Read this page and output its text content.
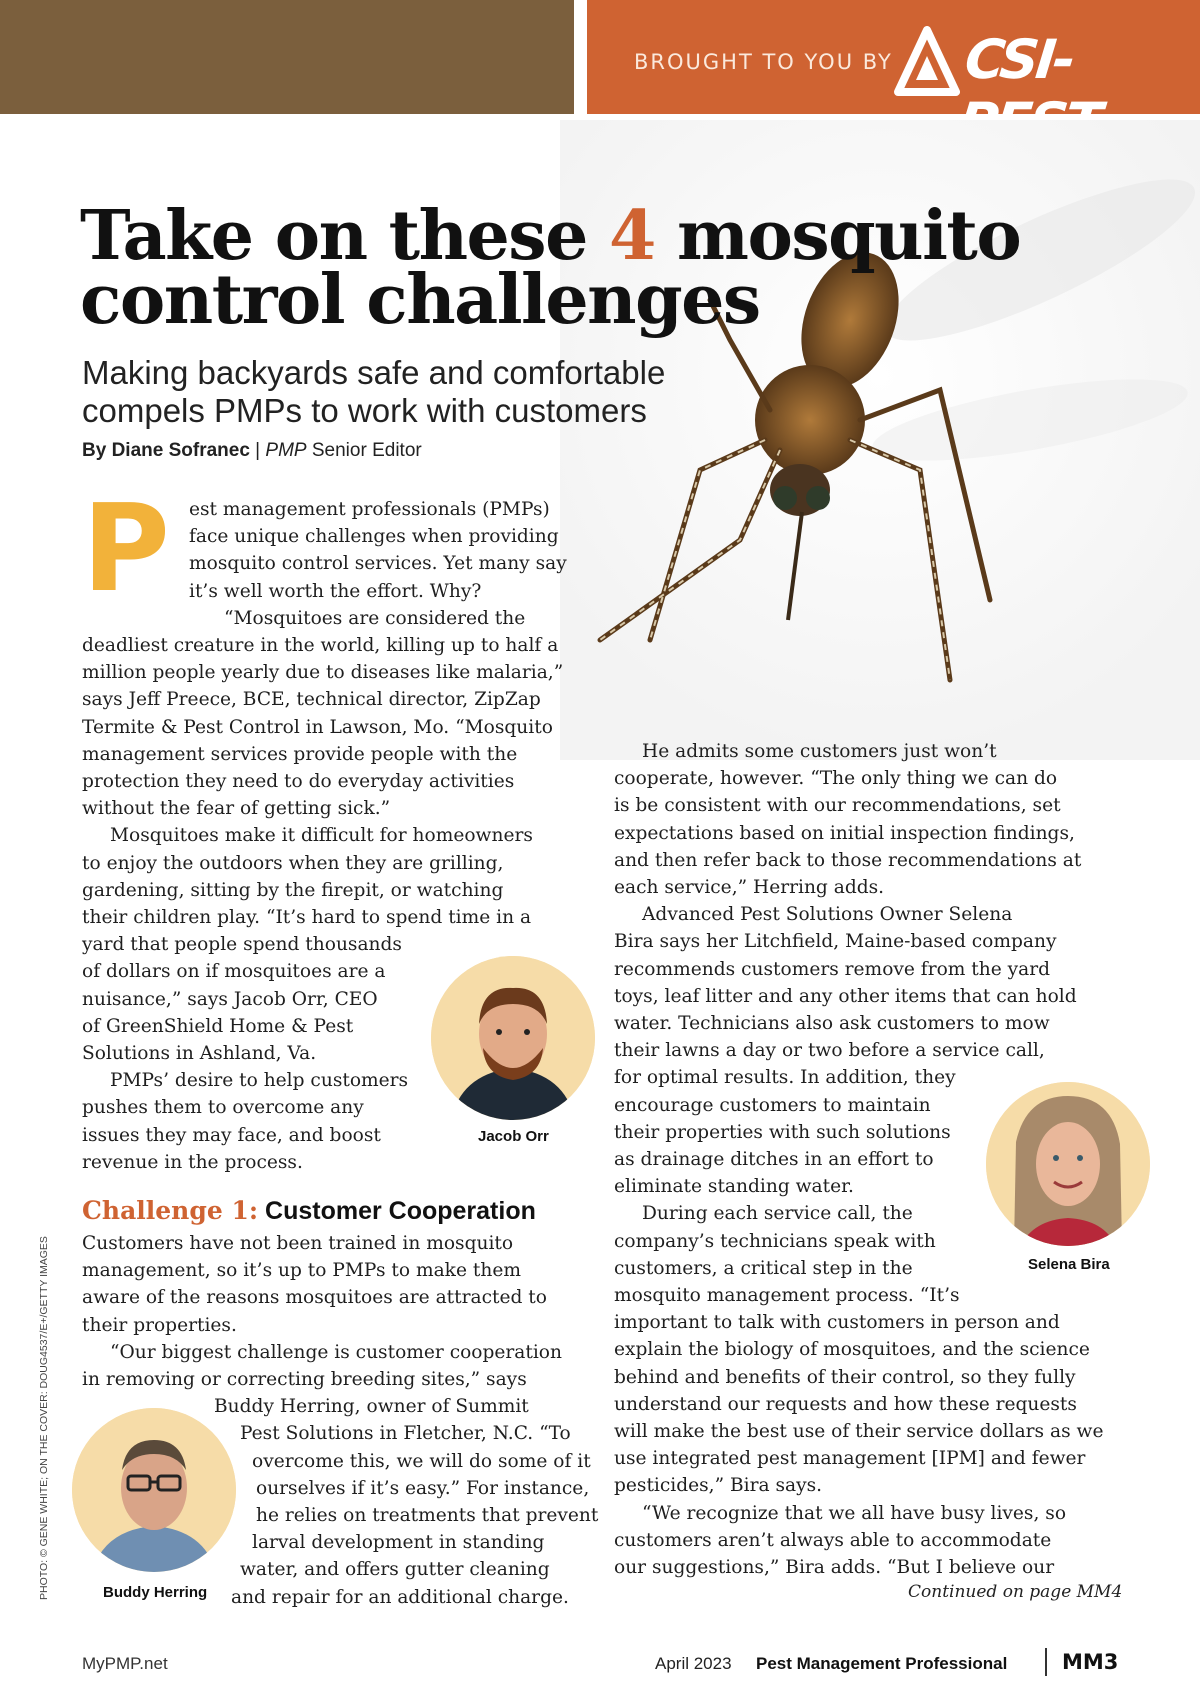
BROUGHT TO YOU BY CSI-PEST
Take on these 4 mosquito
control challenges
Making backyards safe and comfortable
compels PMPs to work with customers
By Diane Sofranec | PMP Senior Editor
P est management professionals (PMPs)
face unique challenges when providing
mosquito control services. Yet many say
it’s well worth the effort. Why?
“Mosquitoes are considered the
deadliest creature in the world, killing up to half a
million people yearly due to diseases like malaria,”
says Jeff Preece, BCE, technical director, ZipZap
Termite & Pest Control in Lawson, Mo. “Mosquito
management services provide people with the
protection they need to do everyday activities
without the fear of getting sick.”
Mosquitoes make it difficult for homeowners
to enjoy the outdoors when they are grilling,
gardening, sitting by the firepit, or watching
their children play. “It’s hard to spend time in a
yard that people spend thousands
of dollars on if mosquitoes are a
nuisance,” says Jacob Orr, CEO
of GreenShield Home & Pest
Solutions in Ashland, Va.
PMPs’ desire to help customers
pushes them to overcome any
issues they may face, and boost
revenue in the process.
Challenge 1: Customer Cooperation
Customers have not been trained in mosquito
management, so it’s up to PMPs to make them
aware of the reasons mosquitoes are attracted to
their properties.
“Our biggest challenge is customer cooperation
in removing or correcting breeding sites,” says
Buddy Herring, owner of Summit
Pest Solutions in Fletcher, N.C. “To
overcome this, we will do some of it
ourselves if it’s easy.” For instance,
he relies on treatments that prevent
larval development in standing
water, and offers gutter cleaning
and repair for an additional charge.
He admits some customers just won’t
cooperate, however. “The only thing we can do
is be consistent with our recommendations, set
expectations based on initial inspection findings,
and then refer back to those recommendations at
each service,” Herring adds.
Advanced Pest Solutions Owner Selena
Bira says her Litchfield, Maine-based company
recommends customers remove from the yard
toys, leaf litter and any other items that can hold
water. Technicians also ask customers to mow
their lawns a day or two before a service call,
for optimal results. In addition, they
encourage customers to maintain
their properties with such solutions
as drainage ditches in an effort to
eliminate standing water.
During each service call, the
company’s technicians speak with
customers, a critical step in the
mosquito management process. “It’s
important to talk with customers in person and
explain the biology of mosquitoes, and the science
behind and benefits of their control, so they fully
understand our requests and how these requests
will make the best use of their service dollars as we
use integrated pest management [IPM] and fewer
pesticides,” Bira says.
“We recognize that we all have busy lives, so
customers aren’t always able to accommodate
our suggestions,” Bira adds. “But I believe our
Jacob Orr
Selena Bira
Buddy Herring
PHOTO: © GENE WHITE; ON THE COVER: DOUG4537/E+/GETTY IMAGES	Continued on page MM4
MyPMP.net	April 2023 Pest Management Professional	MM3
